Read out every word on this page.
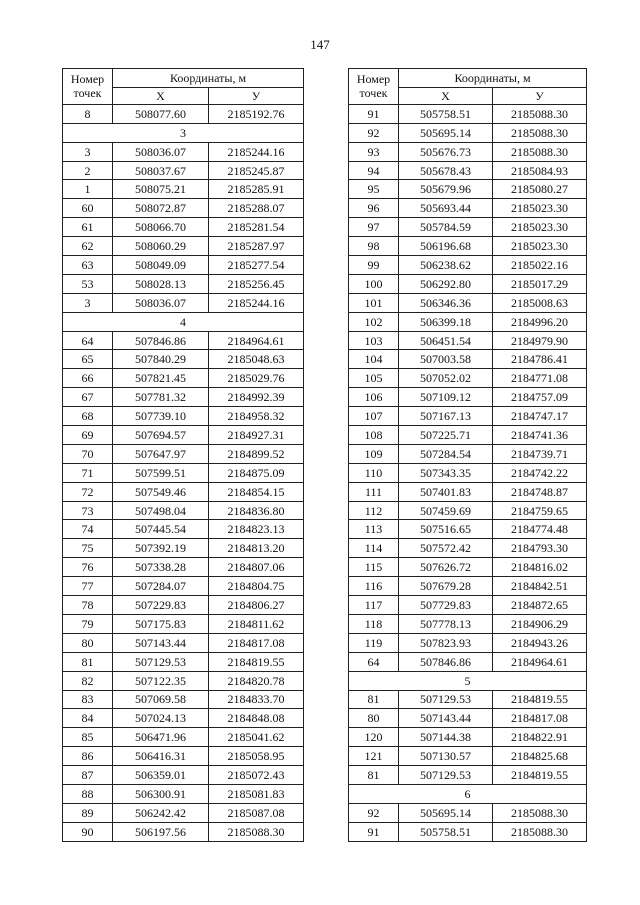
147
Номер точек	Координаты, м	
	X	У
8	508077.60	2185192.76
3		
3	508036.07	2185244.16
2	508037.67	2185245.87
1	508075.21	2185285.91
60	508072.87	2185288.07
61	508066.70	2185281.54
62	508060.29	2185287.97
63	508049.09	2185277.54
53	508028.13	2185256.45
3	508036.07	2185244.16
4		
64	507846.86	2184964.61
65	507840.29	2185048.63
66	507821.45	2185029.76
67	507781.32	2184992.39
68	507739.10	2184958.32
69	507694.57	2184927.31
70	507647.97	2184899.52
71	507599.51	2184875.09
72	507549.46	2184854.15
73	507498.04	2184836.80
74	507445.54	2184823.13
75	507392.19	2184813.20
76	507338.28	2184807.06
77	507284.07	2184804.75
78	507229.83	2184806.27
79	507175.83	2184811.62
80	507143.44	2184817.08
81	507129.53	2184819.55
82	507122.35	2184820.78
83	507069.58	2184833.70
84	507024.13	2184848.08
85	506471.96	2185041.62
86	506416.31	2185058.95
87	506359.01	2185072.43
88	506300.91	2185081.83
89	506242.42	2185087.08
90	506197.56	2185088.30
Номер точек	Координаты, м	
	X	У
91	505758.51	2185088.30
92	505695.14	2185088.30
93	505676.73	2185088.30
94	505678.43	2185084.93
95	505679.96	2185080.27
96	505693.44	2185023.30
97	505784.59	2185023.30
98	506196.68	2185023.30
99	506238.62	2185022.16
100	506292.80	2185017.29
101	506346.36	2185008.63
102	506399.18	2184996.20
103	506451.54	2184979.90
104	507003.58	2184786.41
105	507052.02	2184771.08
106	507109.12	2184757.09
107	507167.13	2184747.17
108	507225.71	2184741.36
109	507284.54	2184739.71
110	507343.35	2184742.22
111	507401.83	2184748.87
112	507459.69	2184759.65
113	507516.65	2184774.48
114	507572.42	2184793.30
115	507626.72	2184816.02
116	507679.28	2184842.51
117	507729.83	2184872.65
118	507778.13	2184906.29
119	507823.93	2184943.26
64	507846.86	2184964.61
5		
81	507129.53	2184819.55
80	507143.44	2184817.08
120	507144.38	2184822.91
121	507130.57	2184825.68
81	507129.53	2184819.55
6		
92	505695.14	2185088.30
91	505758.51	2185088.30
